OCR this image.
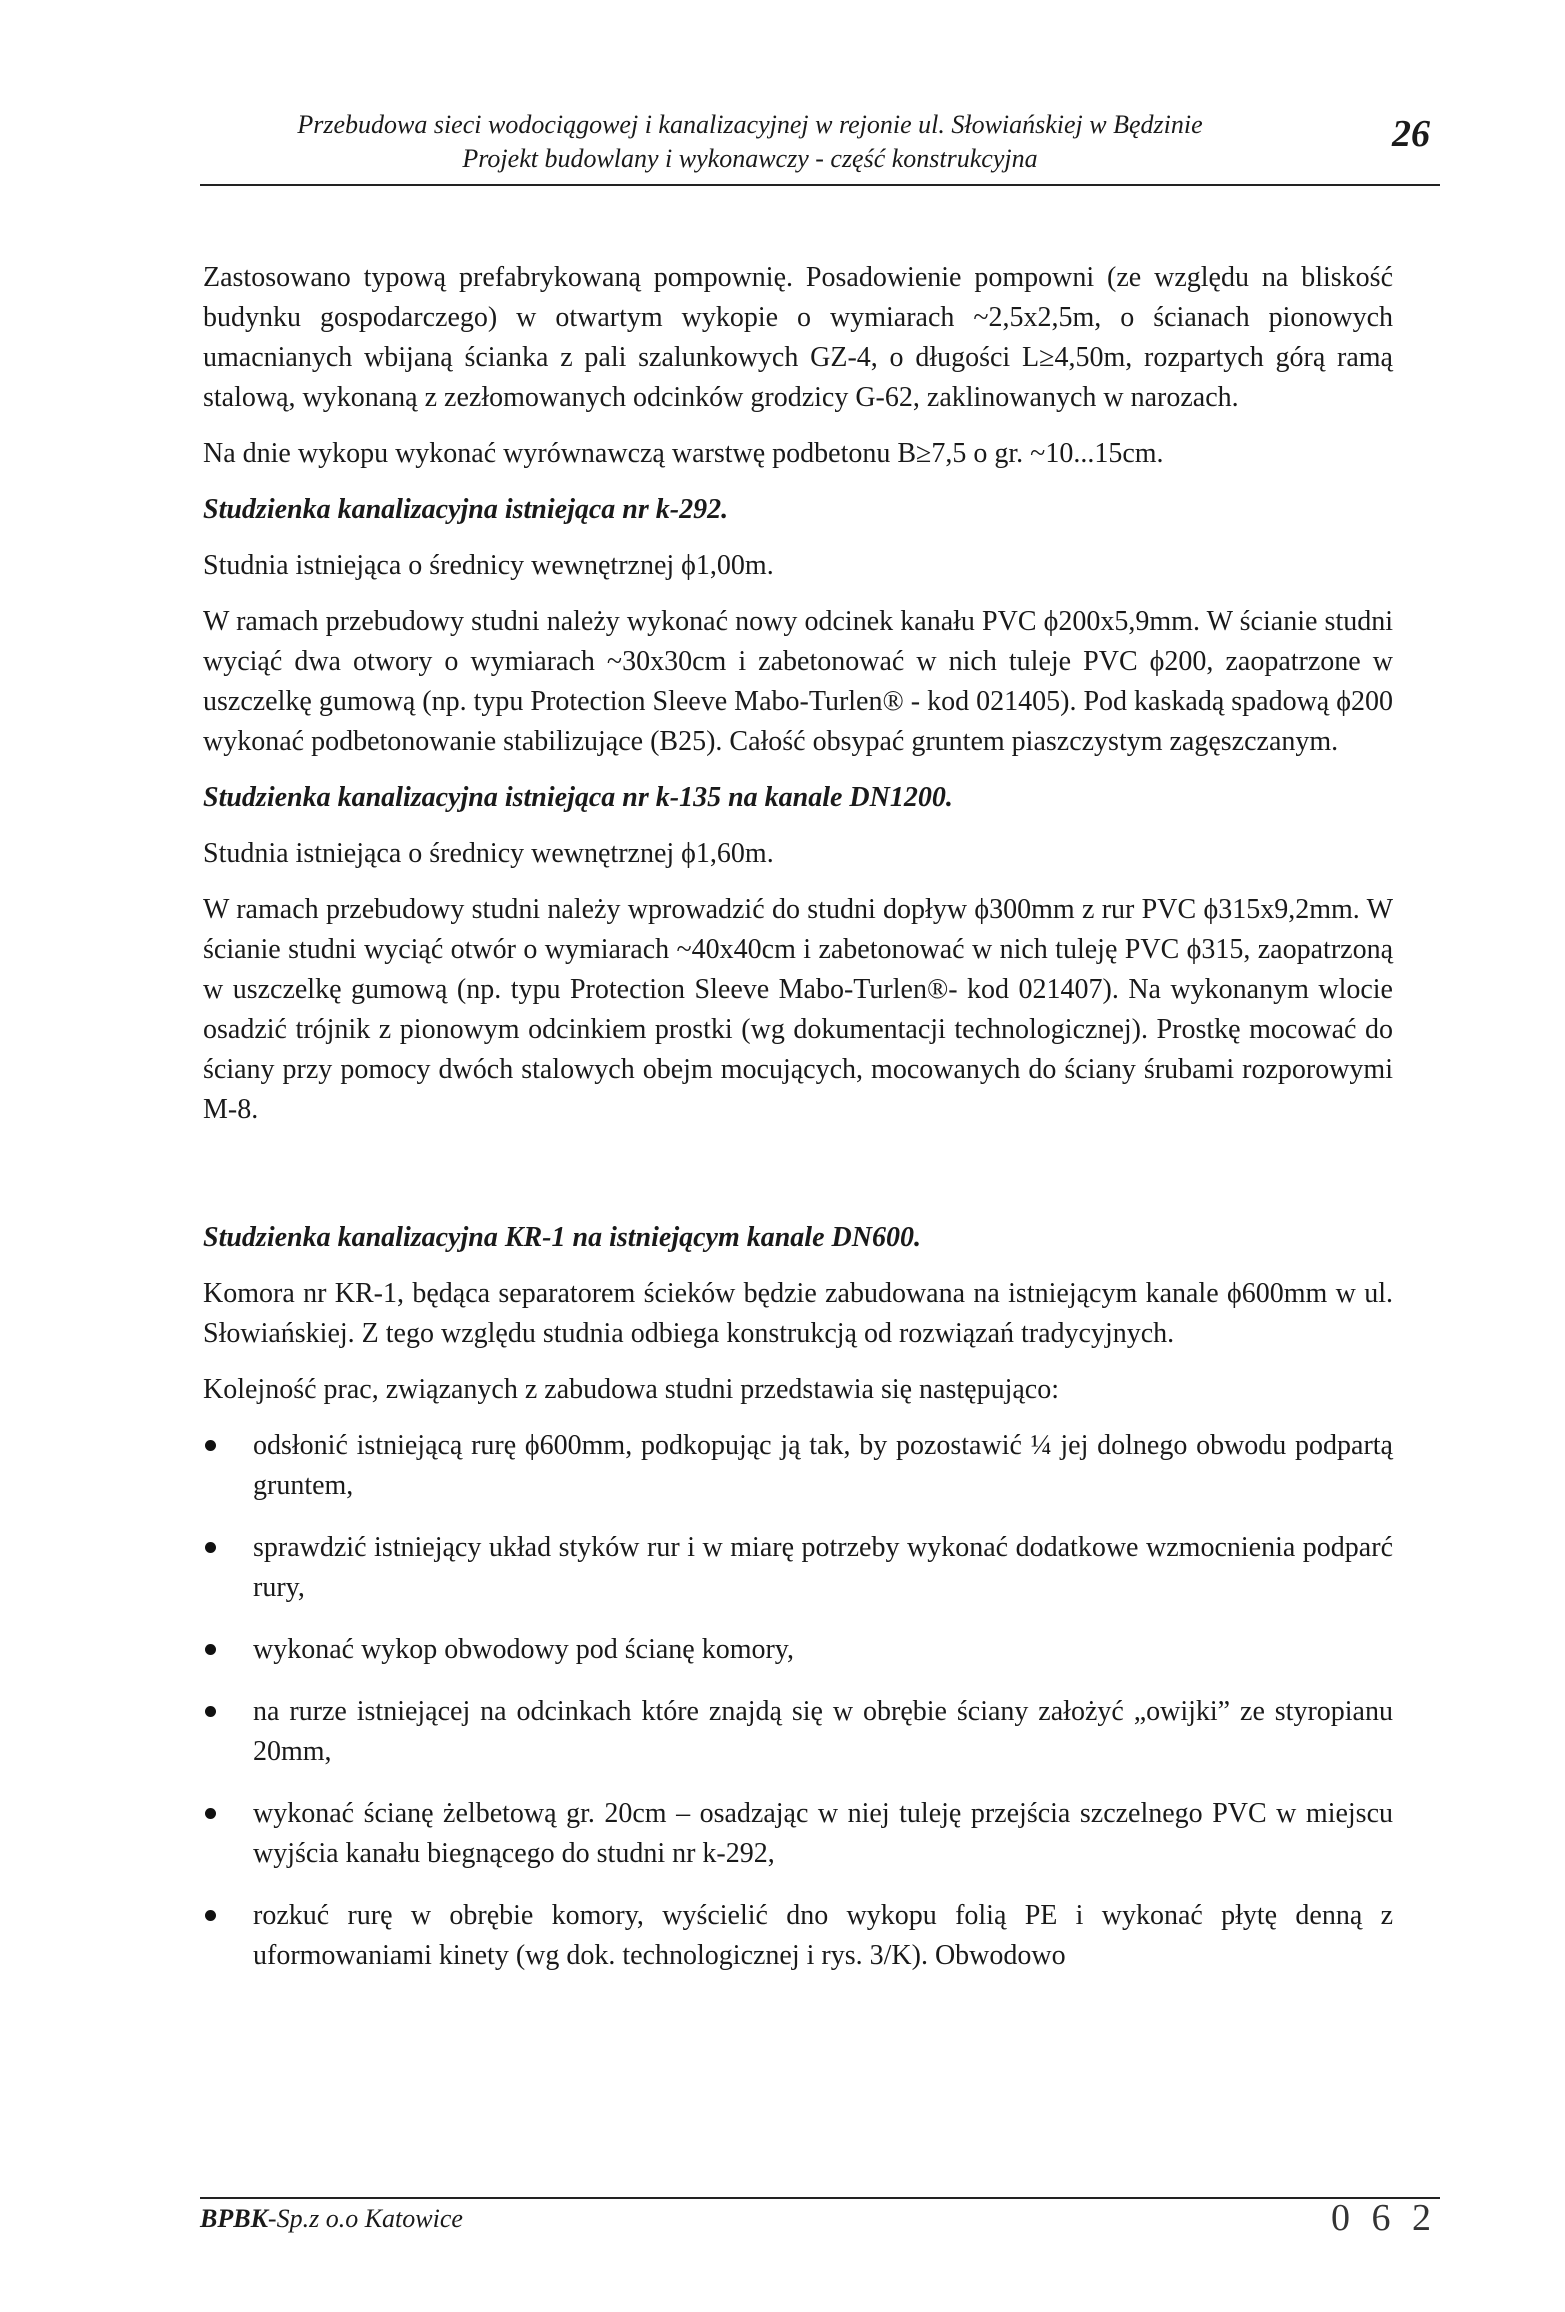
Przebudowa sieci wodociągowej i kanalizacyjnej w rejonie ul. Słowiańskiej w Będzinie
Projekt budowlany i wykonawczy - część konstrukcyjna
26

Zastosowano typową prefabrykowaną pompownię. Posadowienie pompowni (ze względu na bliskość budynku gospodarczego) w otwartym wykopie o wymiarach ~2,5x2,5m, o ścianach pionowych umacnianych wbijaną ścianka z pali szalunkowych GZ-4, o długości L≥4,50m, rozpartych górą ramą stalową, wykonaną z zezłomowanych odcinków grodzicy G-62, zaklinowanych w narozach.

Na dnie wykopu wykonać wyrównawczą warstwę podbetonu B≥7,5 o gr. ~10...15cm.

Studzienka kanalizacyjna istniejąca nr k-292.

Studnia istniejąca o średnicy wewnętrznej ϕ1,00m.

W ramach przebudowy studni należy wykonać nowy odcinek kanału PVC ϕ200x5,9mm. W ścianie studni wyciąć dwa otwory o wymiarach ~30x30cm i zabetonować w nich tuleje PVC ϕ200, zaopatrzone w uszczelkę gumową (np. typu Protection Sleeve Mabo-Turlen® - kod 021405). Pod kaskadą spadową ϕ200 wykonać podbetonowanie stabilizujące (B25). Całość obsypać gruntem piaszczystym zagęszczanym.

Studzienka kanalizacyjna istniejąca nr k-135 na kanale DN1200.

Studnia istniejąca o średnicy wewnętrznej ϕ1,60m.

W ramach przebudowy studni należy wprowadzić do studni dopływ ϕ300mm z rur PVC ϕ315x9,2mm. W ścianie studni wyciąć otwór o wymiarach ~40x40cm i zabetonować w nich tuleję PVC ϕ315, zaopatrzoną w uszczelkę gumową (np. typu Protection Sleeve Mabo-Turlen®- kod 021407). Na wykonanym wlocie osadzić trójnik z pionowym odcinkiem prostki (wg dokumentacji technologicznej). Prostkę mocować do ściany przy pomocy dwóch stalowych obejm mocujących, mocowanych do ściany śrubami rozporowymi M-8.

Studzienka kanalizacyjna KR-1 na istniejącym kanale DN600.

Komora nr KR-1, będąca separatorem ścieków będzie zabudowana na istniejącym kanale ϕ600mm w ul. Słowiańskiej. Z tego względu studnia odbiega konstrukcją od rozwiązań tradycyjnych.

Kolejność prac, związanych z zabudowa studni przedstawia się następująco:

odsłonić istniejącą rurę ϕ600mm, podkopując ją tak, by pozostawić ¼ jej dolnego obwodu podpartą gruntem,
sprawdzić istniejący układ styków rur i w miarę potrzeby wykonać dodatkowe wzmocnienia podparć rury,
wykonać wykop obwodowy pod ścianę komory,
na rurze istniejącej na odcinkach które znajdą się w obrębie ściany założyć „owijki” ze styropianu 20mm,
wykonać ścianę żelbetową gr. 20cm – osadzając w niej tuleję przejścia szczelnego PVC w miejscu wyjścia kanału biegnącego do studni nr k-292,
rozkuć rurę w obrębie komory, wyścielić dno wykopu folią PE i wykonać płytę denną z uformowaniami kinety (wg dok. technologicznej i rys. 3/K). Obwodowo
BPBK-Sp.z o.o Katowice	0 6 2
